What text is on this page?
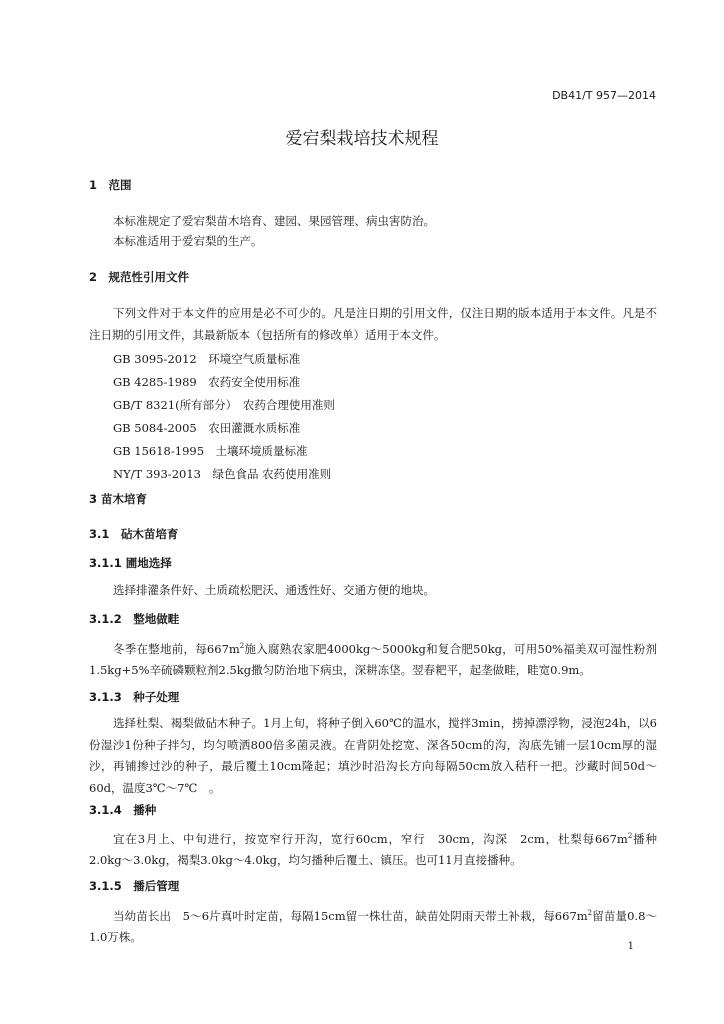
DB41/T 957—2014
爱宕梨栽培技术规程
1　范围
本标准规定了爱宕梨苗木培育、建园、果园管理、病虫害防治。
本标准适用于爱宕梨的生产。
2　规范性引用文件
下列文件对于本文件的应用是必不可少的。凡是注日期的引用文件，仅注日期的版本适用于本文件。凡是不注日期的引用文件，其最新版本（包括所有的修改单）适用于本文件。
GB 3095-2012　环境空气质量标准
GB 4285-1989　农药安全使用标准
GB/T 8321(所有部分）　农药合理使用准则
GB 5084-2005　农田灌溉水质标准
GB 15618-1995　土壤环境质量标准
NY/T 393-2013　绿色食品 农药使用准则
3 苗木培育
3.1　砧木苗培育
3.1.1 圃地选择
选择排灌条件好、土质疏松肥沃、通透性好、交通方便的地块。
3.1.2　整地做畦
冬季在整地前，每$667m^2$施入腐熟农家肥4000kg～5000kg和复合肥50kg，可用50%福美双可湿性粉剂1.5kg+5%辛硫磷颗粒剂2.5kg撒匀防治地下病虫，深耕冻垡。翌春耙平，起垄做畦，畦宽0.9m。
3.1.3　种子处理
选择杜梨、褐梨做砧木种子。1月上旬，将种子倒入60℃的温水，搅拌3min，捞掉漂浮物，浸泡24h，以6份湿沙1份种子拌匀，均匀喷洒800倍多菌灵液。在背阴处挖宽、深各50cm的沟，沟底先铺一层10cm厚的湿沙，再铺掺过沙的种子，最后覆土10cm隆起；填沙时沿沟长方向每隔50cm放入秸秆一把。沙藏时间50d～60d，温度3℃～7℃　。
3.1.4　播种
宜在3月上、中旬进行，按宽窄行开沟，宽行60cm，窄行　30cm，沟深　2cm，杜梨每$667m^2$播种2.0kg～3.0kg，褐梨3.0kg～4.0kg，均匀播种后覆土、镇压。也可11月直接播种。
3.1.5　播后管理
当幼苗长出　5～6片真叶时定苗，每隔15cm留一株壮苗，缺苗处阴雨天带土补栽，每$667m^2$留苗量0.8～1.0万株。
1
